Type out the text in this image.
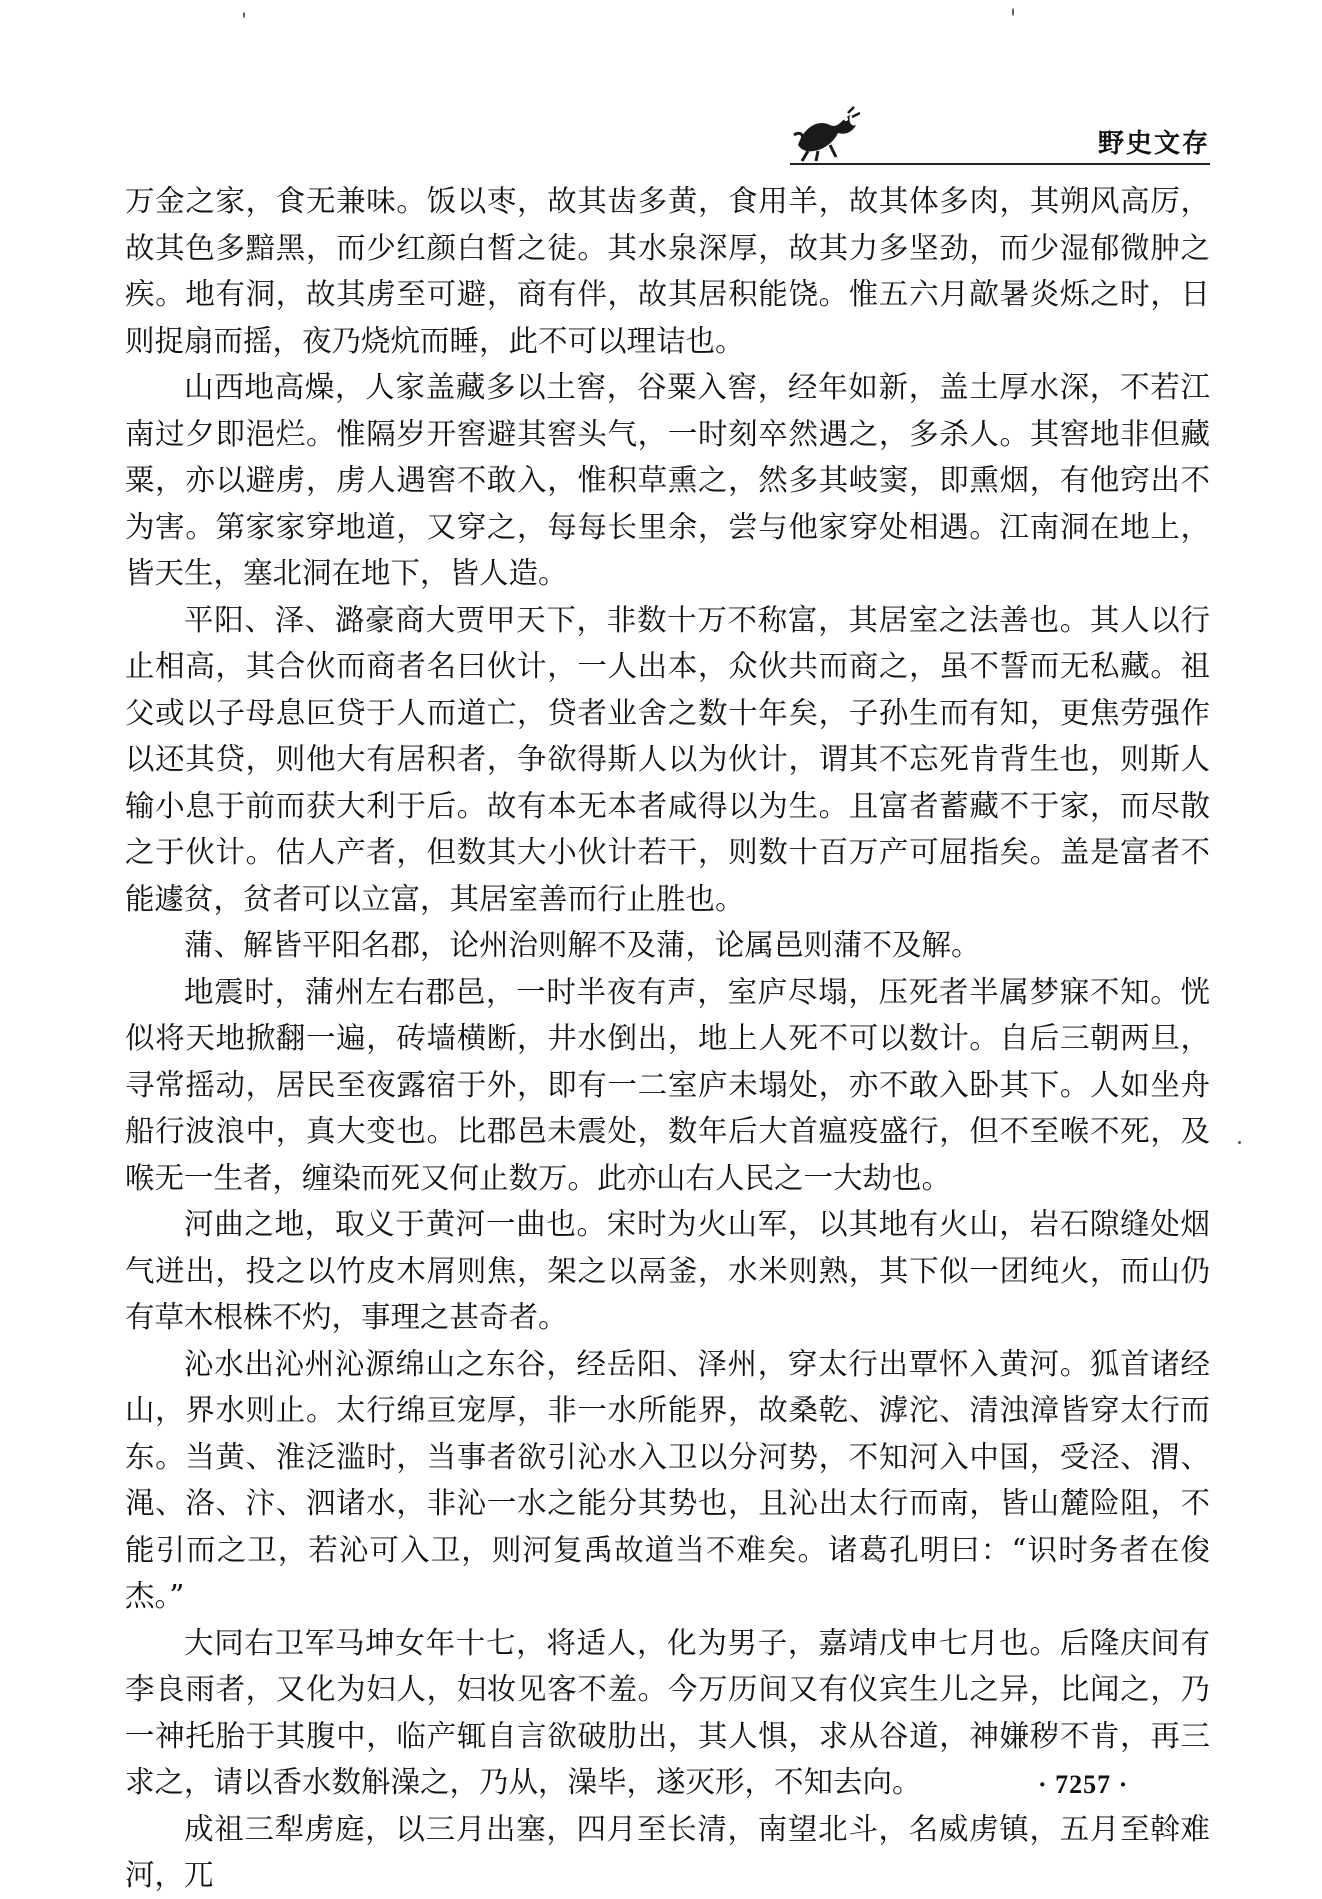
野史文存

万金之家，食无兼味。饭以枣，故其齿多黄，食用羊，故其体多肉，其朔风高厉，故其色多黯黑，而少红颜白皙之徒。其水泉深厚，故其力多坚劲，而少湿郁微肿之疾。地有洞，故其虏至可避，商有伴，故其居积能饶。惟五六月歊暑炎烁之时，日则捉扇而摇，夜乃烧炕而睡，此不可以理诘也。

山西地高燥，人家盖藏多以土窖，谷粟入窖，经年如新，盖土厚水深，不若江南过夕即浥烂。惟隔岁开窖避其窖头气，一时刻卒然遇之，多杀人。其窖地非但藏粟，亦以避虏，虏人遇窖不敢入，惟积草熏之，然多其岐窦，即熏烟，有他窍出不为害。第家家穿地道，又穿之，每每长里余，尝与他家穿处相遇。江南洞在地上，皆天生，塞北洞在地下，皆人造。

平阳、泽、潞豪商大贾甲天下，非数十万不称富，其居室之法善也。其人以行止相高，其合伙而商者名曰伙计，一人出本，众伙共而商之，虽不誓而无私藏。祖父或以子母息叵贷于人而道亡，贷者业舍之数十年矣，子孙生而有知，更焦劳强作以还其贷，则他大有居积者，争欲得斯人以为伙计，谓其不忘死肯背生也，则斯人输小息于前而获大利于后。故有本无本者咸得以为生。且富者蓄藏不于家，而尽散之于伙计。估人产者，但数其大小伙计若干，则数十百万产可屈指矣。盖是富者不能遽贫，贫者可以立富，其居室善而行止胜也。

蒲、解皆平阳名郡，论州治则解不及蒲，论属邑则蒲不及解。

地震时，蒲州左右郡邑，一时半夜有声，室庐尽塌，压死者半属梦寐不知。恍似将天地掀翻一遍，砖墙横断，井水倒出，地上人死不可以数计。自后三朝两旦，寻常摇动，居民至夜露宿于外，即有一二室庐未塌处，亦不敢入卧其下。人如坐舟船行波浪中，真大变也。比郡邑未震处，数年后大首瘟疫盛行，但不至喉不死，及喉无一生者，缠染而死又何止数万。此亦山右人民之一大劫也。

河曲之地，取义于黄河一曲也。宋时为火山军，以其地有火山，岩石隙缝处烟气迸出，投之以竹皮木屑则焦，架之以鬲釜，水米则熟，其下似一团纯火，而山仍有草木根株不灼，事理之甚奇者。

沁水出沁州沁源绵山之东谷，经岳阳、泽州，穿太行出覃怀入黄河。狐首诸经山，界水则止。太行绵亘宠厚，非一水所能界，故桑乾、滹沱、清浊漳皆穿太行而东。当黄、淮泛滥时，当事者欲引沁水入卫以分河势，不知河入中国，受泾、渭、渑、洛、汴、泗诸水，非沁一水之能分其势也，且沁出太行而南，皆山麓险阻，不能引而之卫，若沁可入卫，则河复禹故道当不难矣。诸葛孔明曰：“识时务者在俊杰。”

大同右卫军马坤女年十七，将适人，化为男子，嘉靖戊申七月也。后隆庆间有李良雨者，又化为妇人，妇妆见客不羞。今万历间又有仪宾生儿之异，比闻之，乃一神托胎于其腹中，临产辄自言欲破肋出，其人惧，求从谷道，神嫌秽不肯，再三求之，请以香水数斛澡之，乃从，澡毕，遂灭形，不知去向。

成祖三犁虏庭，以三月出塞，四月至长清，南望北斗，名威虏镇，五月至斡难河，兀

· 7257 ·
